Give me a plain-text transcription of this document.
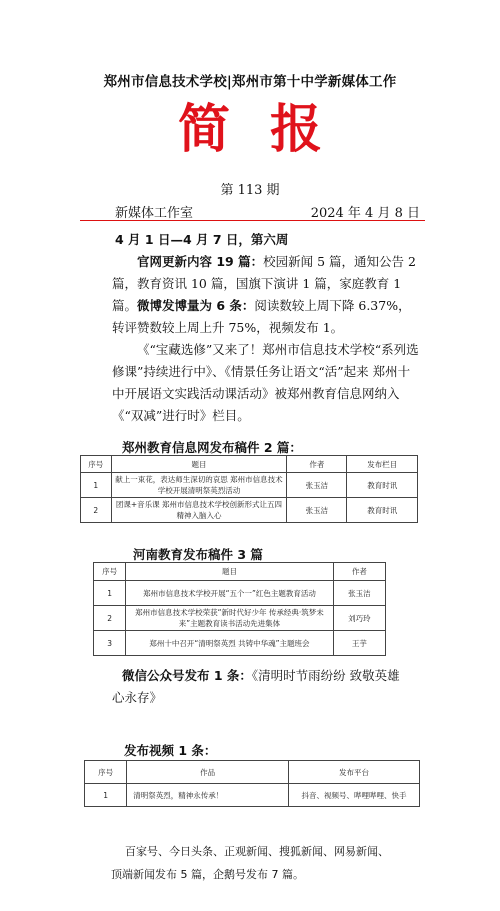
郑州市信息技术学校|郑州市第十中学新媒体工作
简报
第 113 期
新媒体工作室	2024 年 4 月 8 日
4 月 1 日—4 月 7 日，第六周
官网更新内容 19 篇：校园新闻 5 篇，通知公告 2 篇，教育资讯 10 篇，国旗下演讲 1 篇，家庭教育 1 篇。 微博发博量为 6 条：阅读数较上周下降 6.37%，转评赞数较上周上升 75%，视频发布 1。
《“宝藏选修”又来了！郑州市信息技术学校“系列选修课”持续进行中》、《情景任务让语文“活”起来 郑州十中开展语文实践活动课活动》被郑州教育信息网纳入《“双减”进行时》栏目。
郑州教育信息网发布稿件 2 篇：
序号	题目	作者	发布栏目
1	献上一束花，表达师生深切的哀思 郑州市信息技术学校开展清明祭英烈活动	张玉洁	教育时讯
2	团课+音乐课 郑州市信息技术学校创新形式让五四精神入脑入心	张玉洁	教育时讯
河南教育发布稿件 3 篇
序号	题目	作者
1	郑州市信息技术学校开展“五个一”红色主题教育活动	张玉洁
2	郑州市信息技术学校荣获“新时代好少年 传承经典·筑梦未来”主题教育读书活动先进集体	刘巧玲
3	郑州十中召开“清明祭英烈 共铸中华魂”主题班会	王芋
微信公众号发布 1 条：《清明时节雨纷纷 致敬英雄心永存》
发布视频 1 条：
序号	作品	发布平台
1	清明祭英烈，精神永传承！	抖音、视频号、哔哩哔哩、快手
百家号、今日头条、正观新闻、搜狐新闻、网易新闻、
顶端新闻发布 5 篇，企鹅号发布 7 篇。
